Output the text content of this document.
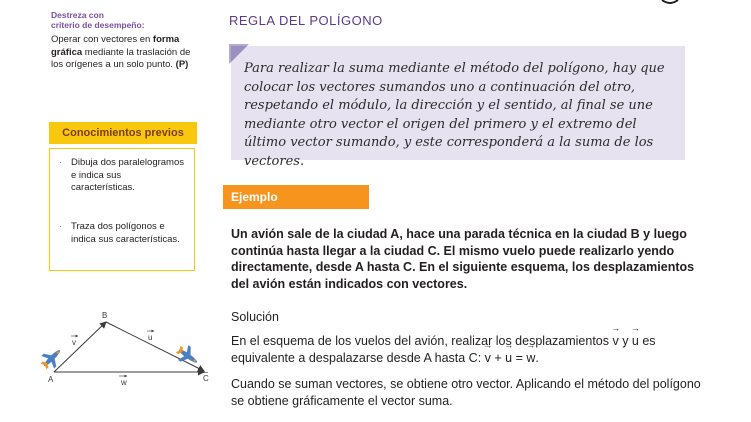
Destreza con
criterio de desempeño:
Operar con vectores en forma gráfica mediante la traslación de los orígenes a un solo punto. (P)
Conocimientos previos
· Dibuja dos paralelogramos e indica sus características.
· Traza dos polígonos e indica sus características.
A
B
C
v
u
w
REGLA DEL POLÍGONO
Para realizar la suma mediante el método del polígono, hay que colocar los vectores sumandos uno a continuación del otro, respetando el módulo, la dirección y el sentido, al final se une mediante otro vector el origen del primero y el extremo del último vector sumando, y este corresponderá a la suma de los vectores.
Ejemplo
Un avión sale de la ciudad A, hace una parada técnica en la ciudad B y luego continúa hasta llegar a la ciudad C. El mismo vuelo puede realizarlo yendo directamente, desde A hasta C. En el siguiente esquema, los desplazamientos del avión están indicados con vectores.
Solución
En el esquema de los vuelos del avión, realizar los desplazamientos → v y → u es equivalente a despalazarse desde A hasta C: → v + → u = → w.
Cuando se suman vectores, se obtiene otro vector. Aplicando el método del polígono se obtiene gráficamente el vector suma.
